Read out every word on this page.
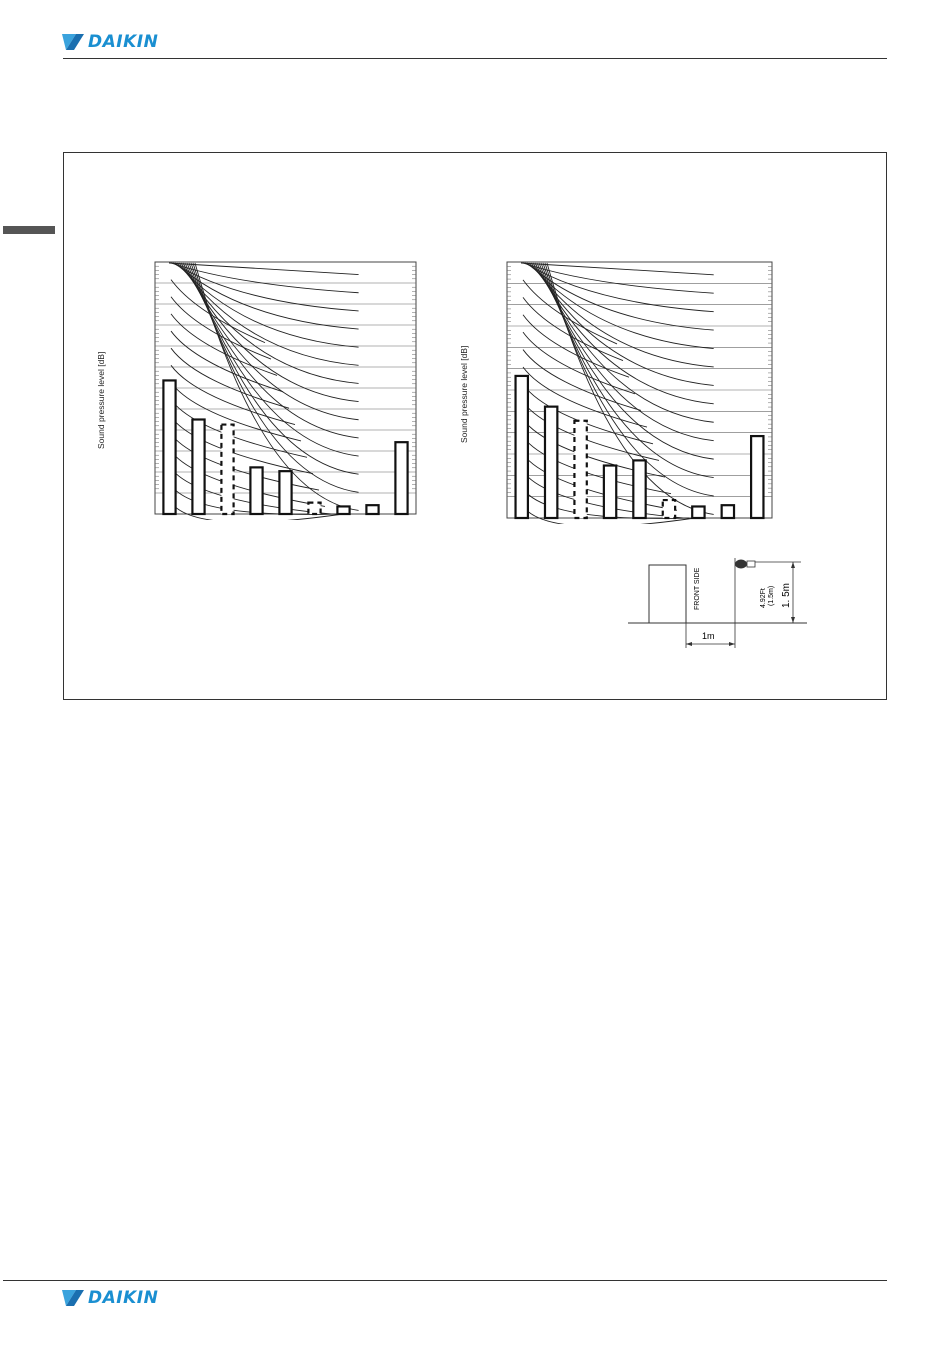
DAIKIN
Sound pressure level [dB]	Sound pressure level [dB]
FRONT SIDE	4.92Ft (1.5m) 1. 5m
1m
DAIKIN
